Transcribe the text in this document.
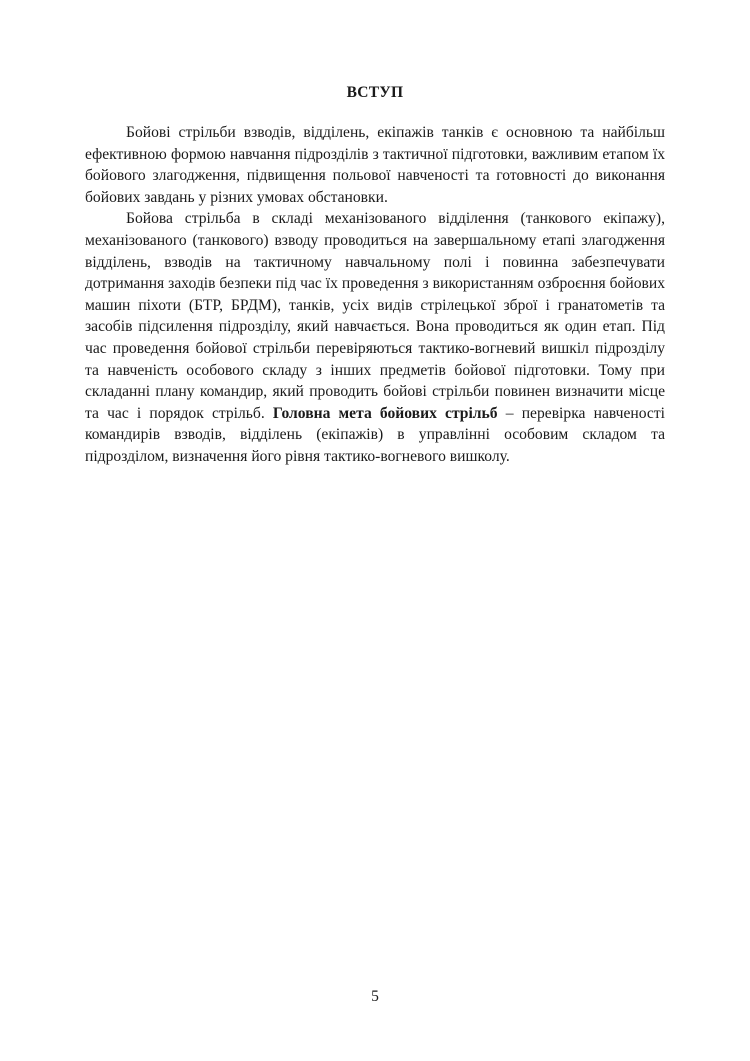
ВСТУП

Бойові стрільби взводів, відділень, екіпажів танків є основною та найбільш ефективною формою навчання підрозділів з тактичної підготовки, важливим етапом їх бойового злагодження, підвищення польової навченості та готовності до виконання бойових завдань у різних умовах обстановки.

Бойова стрільба в складі механізованого відділення (танкового екіпажу), механізованого (танкового) взводу проводиться на завершальному етапі злагодження відділень, взводів на тактичному навчальному полі і повинна забезпечувати дотримання заходів безпеки під час їх проведення з використанням озброєння бойових машин піхоти (БТР, БРДМ), танків, усіх видів стрілецької зброї і гранатометів та засобів підсилення підрозділу, який навчається. Вона проводиться як один етап. Під час проведення бойової стрільби перевіряються тактико-вогневий вишкіл підрозділу та навченість особового складу з інших предметів бойової підготовки. Тому при складанні плану командир, який проводить бойові стрільби повинен визначити місце та час і порядок стрільб. Головна мета бойових стрільб – перевірка навченості командирів взводів, відділень (екіпажів) в управлінні особовим складом та підрозділом, визначення його рівня тактико-вогневого вишколу.

5
